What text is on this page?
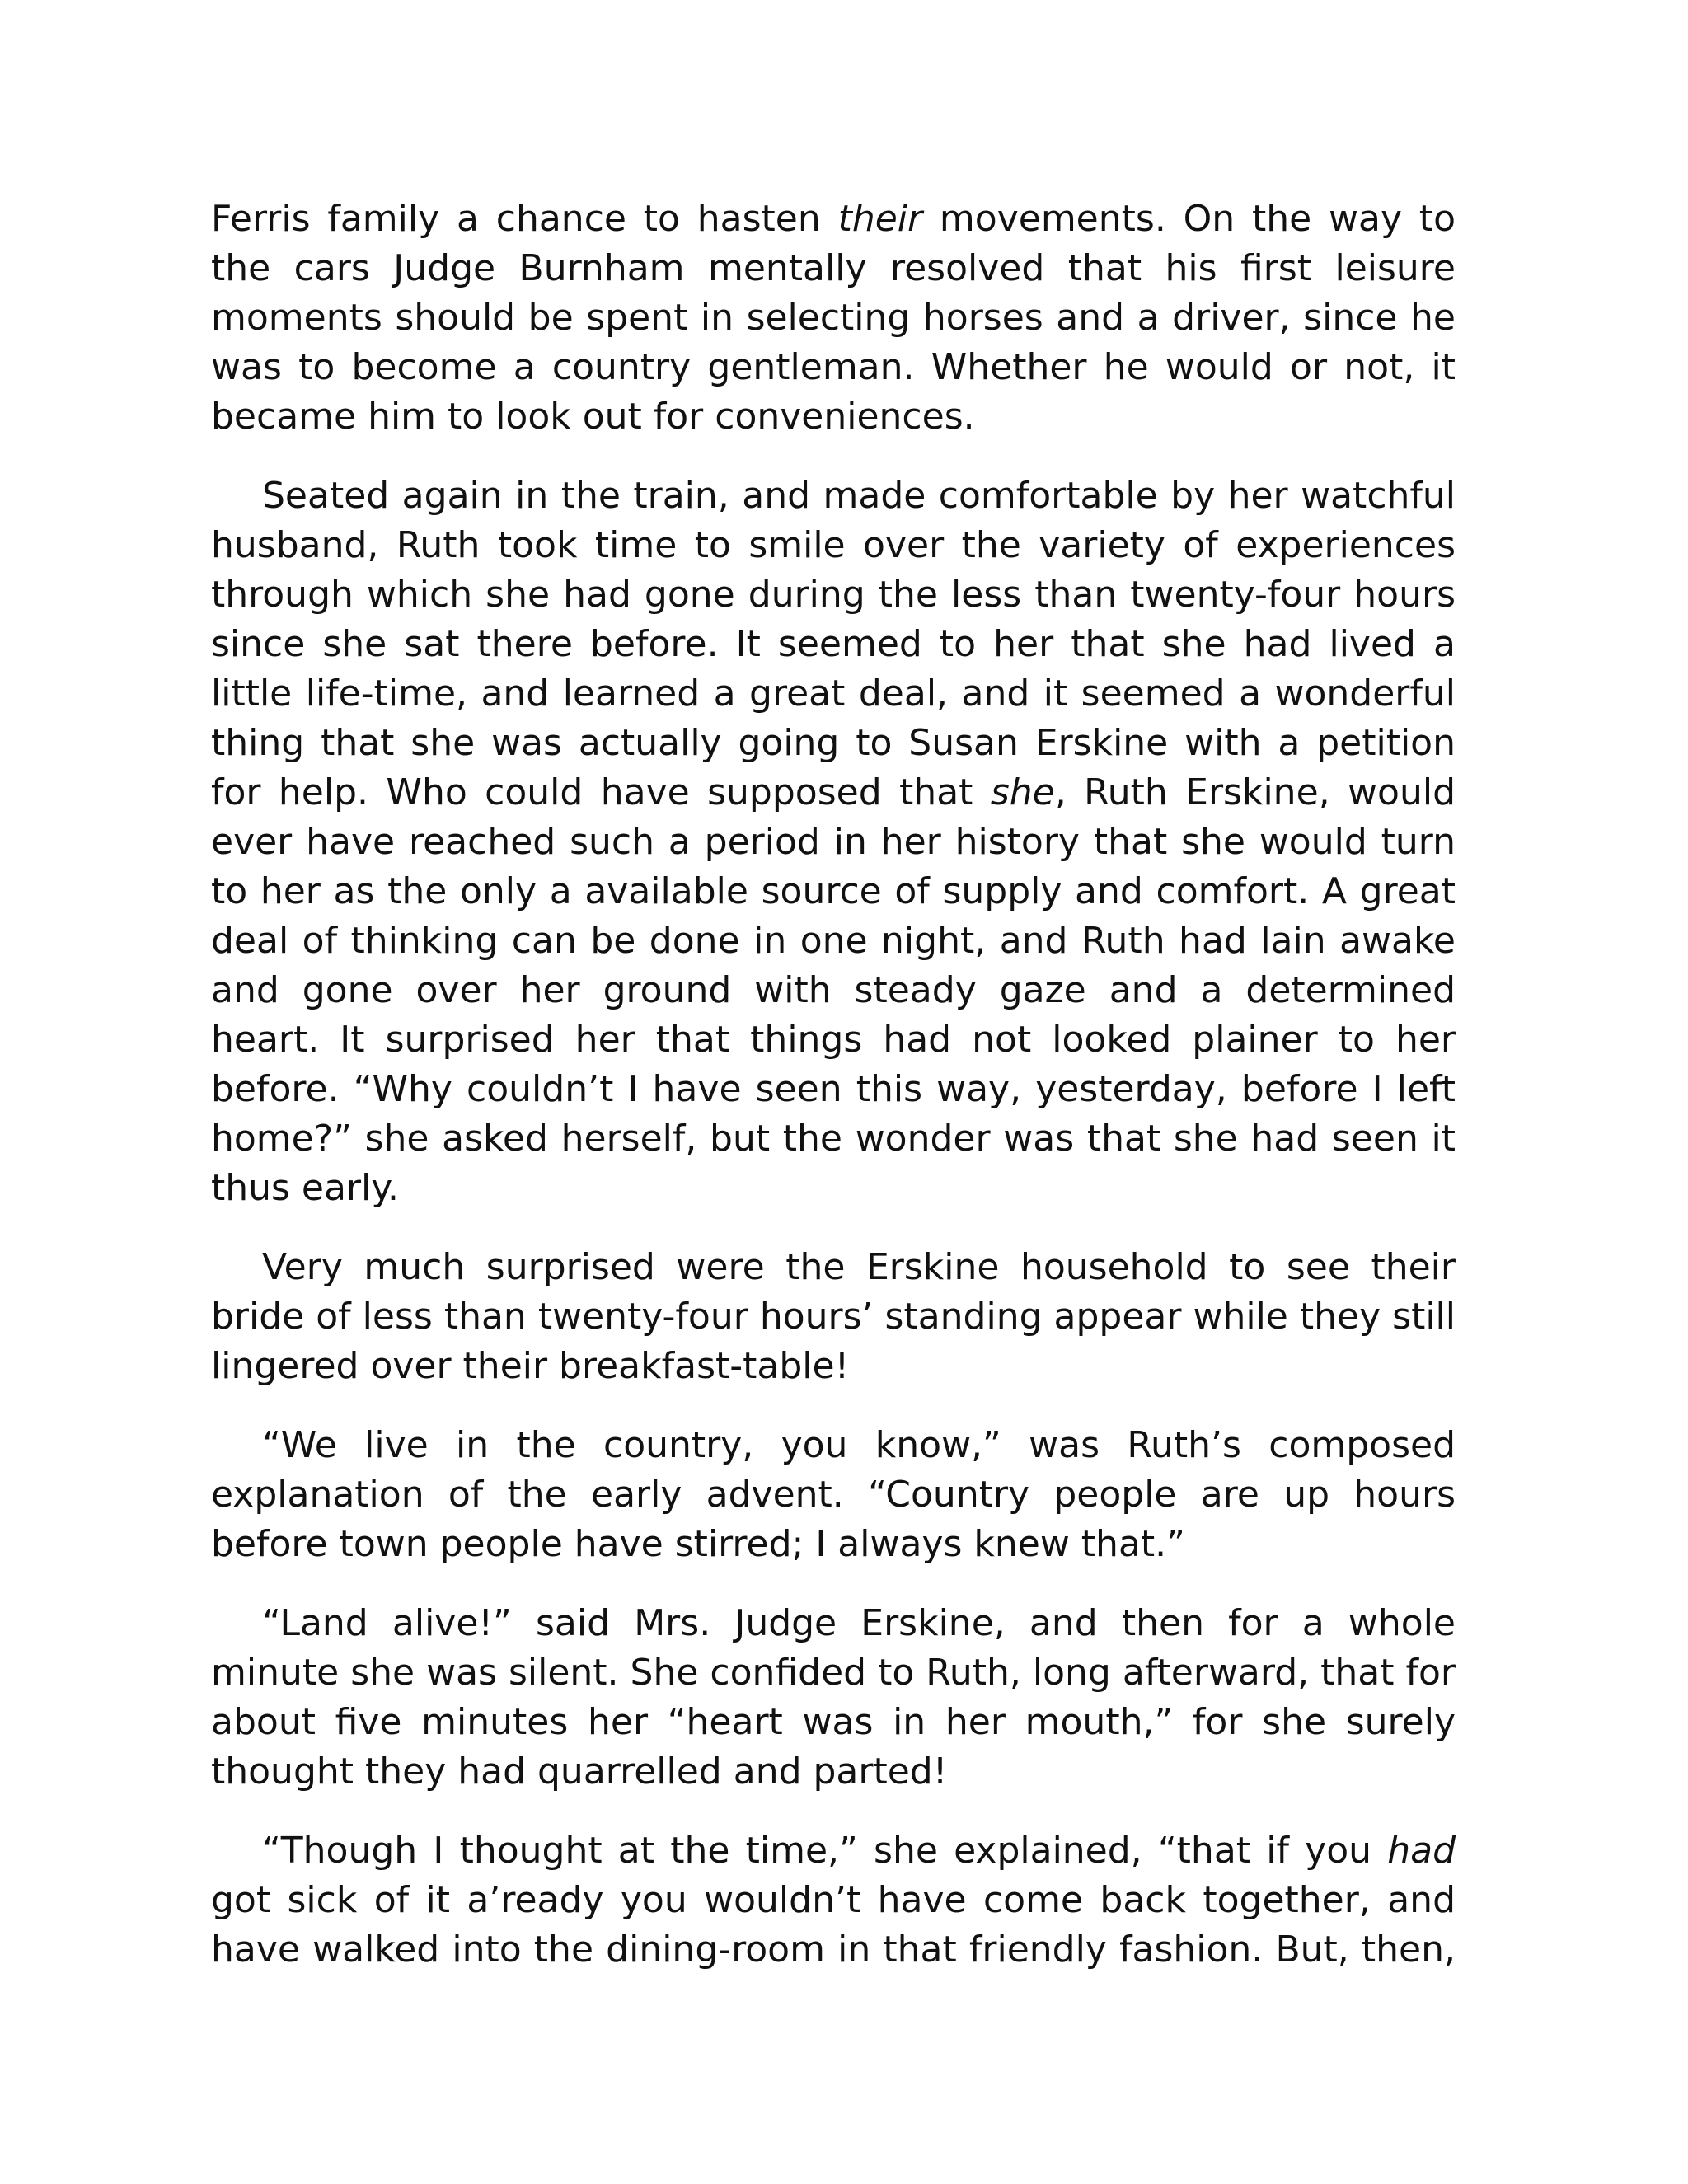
Ferris family a chance to hasten their movements. On the way to the cars Judge Burnham mentally resolved that his first leisure moments should be spent in selecting horses and a driver, since he was to become a country gentleman. Whether he would or not, it became him to look out for conveniences.

Seated again in the train, and made comfortable by her watchful husband, Ruth took time to smile over the variety of experiences through which she had gone during the less than twenty-four hours since she sat there before. It seemed to her that she had lived a little life-time, and learned a great deal, and it seemed a wonderful thing that she was actually going to Susan Erskine with a petition for help. Who could have supposed that she, Ruth Erskine, would ever have reached such a period in her history that she would turn to her as the only a available source of supply and comfort. A great deal of thinking can be done in one night, and Ruth had lain awake and gone over her ground with steady gaze and a determined heart. It surprised her that things had not looked plainer to her before. “Why couldn’t I have seen this way, yesterday, before I left home?” she asked herself, but the wonder was that she had seen it thus early.

Very much surprised were the Erskine household to see their bride of less than twenty-four hours’ standing appear while they still lingered over their breakfast-table!

“We live in the country, you know,” was Ruth’s composed explanation of the early advent. “Country people are up hours before town people have stirred; I always knew that.”

“Land alive!” said Mrs. Judge Erskine, and then for a whole minute she was silent. She confided to Ruth, long afterward, that for about five minutes her “heart was in her mouth,” for she surely thought they had quarrelled and parted!

“Though I thought at the time,” she explained, “that if you had got sick of it a’ready you wouldn’t have come back together, and have walked into the dining-room in that friendly fashion. But, then,
